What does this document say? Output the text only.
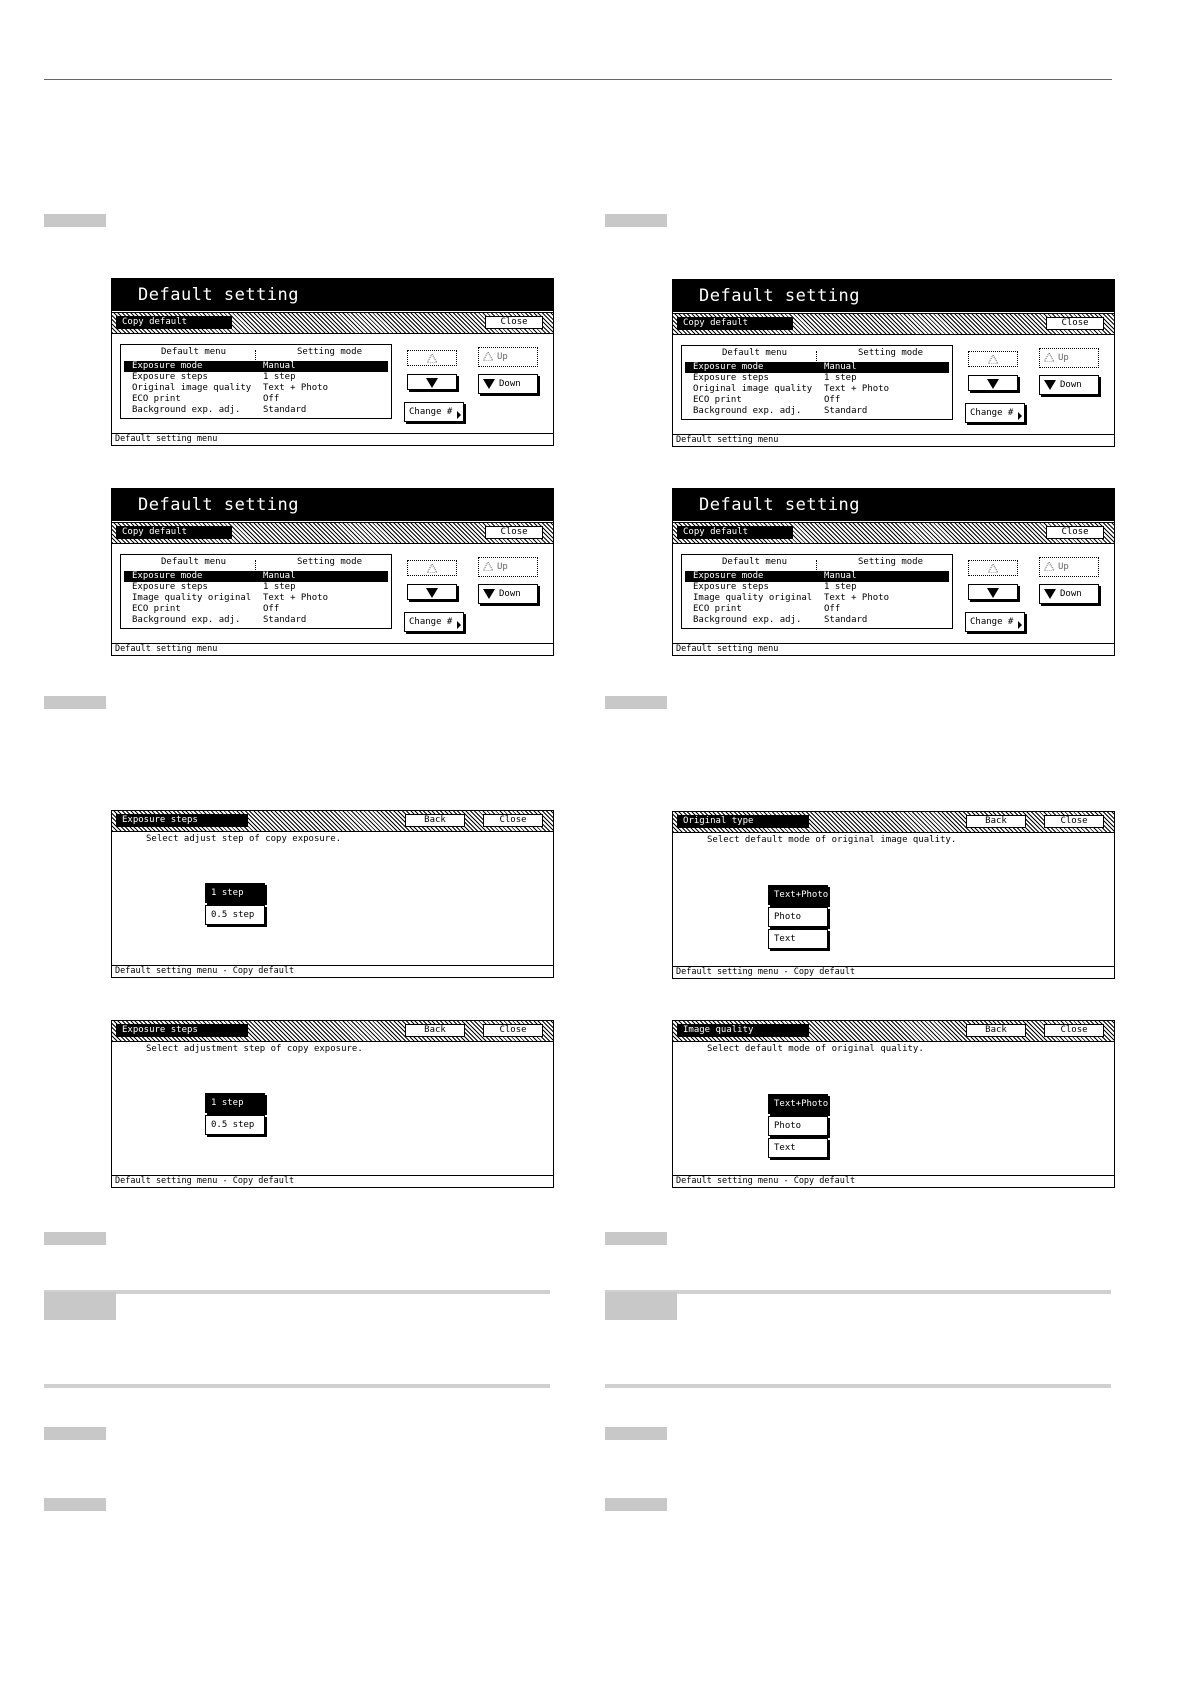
Default setting
Copy default	Close
Default menu	Setting mode
Exposure mode	Manual
Exposure steps	1 step
Original image quality Text + Photo
ECO print	Off
Background exp. adj.	Standard
Up
Down
Change #
Default setting menu
Default setting
Copy default	Close
Default menu	Setting mode
Exposure mode	Manual
Exposure steps	1 step
Original image quality Text + Photo
ECO print	Off
Background exp. adj.	Standard
Up
Down
Change #
Default setting menu
Default setting
Copy default	Close
Default menu	Setting mode
Exposure mode	Manual
Exposure steps	1 step
Image quality original Text + Photo
ECO print	Off
Background exp. adj.	Standard
Up
Down
Change #
Default setting menu
Default setting
Copy default	Close
Default menu	Setting mode
Exposure mode	Manual
Exposure steps	1 step
Image quality original Text + Photo
ECO print	Off
Background exp. adj.	Standard
Up
Down
Change #
Default setting menu
Exposure steps	Back	Close
Select adjust step of copy exposure.
1 step
0.5 step
Default setting menu - Copy default
Original type	Back	Close
Select default mode of original image quality.
Text+Photo
Photo
Text
Default setting menu - Copy default
Exposure steps	Back	Close
Select adjustment step of copy exposure.
1 step
0.5 step
Default setting menu - Copy default
Image quality	Back	Close
Select default mode of original quality.
Text+Photo
Photo
Text
Default setting menu - Copy default
